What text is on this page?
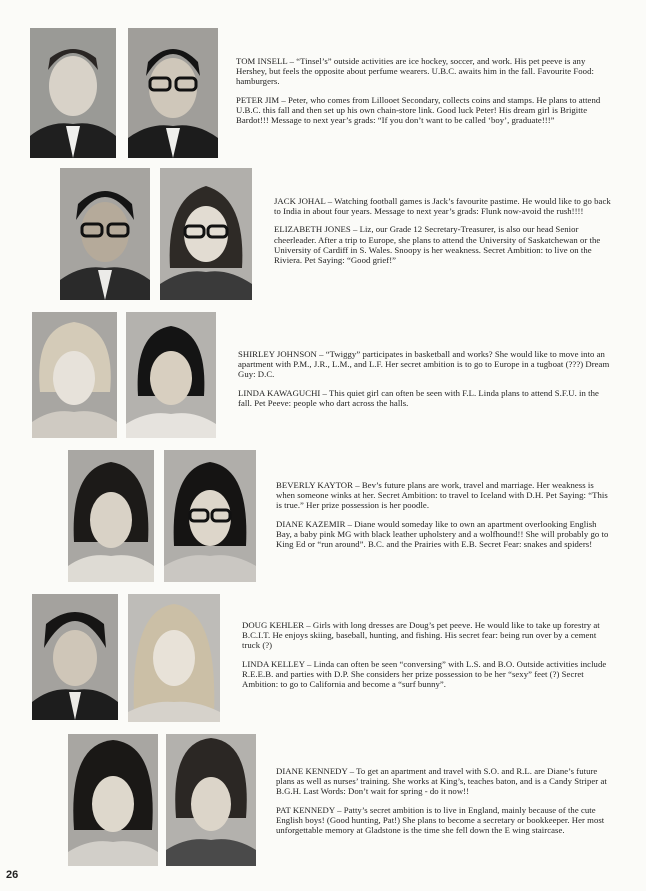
TOM INSELL – “Tinsel’s” outside activities are ice hockey, soccer, and work. His pet peeve is any Hershey, but feels the opposite about perfume wearers. U.B.C. awaits him in the fall. Favourite Food: hamburgers.

PETER JIM – Peter, who comes from Lillooet Secondary, collects coins and stamps. He plans to attend U.B.C. this fall and then set up his own chain-store link. Good luck Peter! His dream girl is Brigitte Bardot!!! Message to next year’s grads: “If you don’t want to be called ‘boy’, graduate!!!”

JACK JOHAL – Watching football games is Jack’s favourite pastime. He would like to go back to India in about four years. Message to next year’s grads: Flunk now-avoid the rush!!!!

ELIZABETH JONES – Liz, our Grade 12 Secretary-Treasurer, is also our head Senior cheerleader. After a trip to Europe, she plans to attend the University of Saskatchewan or the University of Cardiff in S. Wales. Snoopy is her weakness. Secret Ambition: to live on the Riviera. Pet Saying: “Good grief!”

SHIRLEY JOHNSON – “Twiggy” participates in basketball and works? She would like to move into an apartment with P.M., J.R., L.M., and L.F. Her secret ambition is to go to Europe in a tugboat (???) Dream Guy: D.C.

LINDA KAWAGUCHI – This quiet girl can often be seen with F.L. Linda plans to attend S.F.U. in the fall. Pet Peeve: people who dart across the halls.

BEVERLY KAYTOR – Bev’s future plans are work, travel and marriage. Her weakness is when someone winks at her. Secret Ambition: to travel to Iceland with D.H. Pet Saying: “This is true.” Her prize possession is her poodle.

DIANE KAZEMIR – Diane would someday like to own an apartment overlooking English Bay, a baby pink MG with black leather upholstery and a wolfhound!! She will probably go to King Ed or “run around”. B.C. and the Prairies with E.B. Secret Fear: snakes and spiders!

DOUG KEHLER – Girls with long dresses are Doug’s pet peeve. He would like to take up forestry at B.C.I.T. He enjoys skiing, baseball, hunting, and fishing. His secret fear: being run over by a cement truck (?)

LINDA KELLEY – Linda can often be seen “conversing” with L.S. and B.O. Outside activities include R.E.E.B. and parties with D.P. She considers her prize possession to be her “sexy” feet (?) Secret Ambition: to go to California and become a “surf bunny”.

DIANE KENNEDY – To get an apartment and travel with S.O. and R.L. are Diane’s future plans as well as nurses’ training. She works at King’s, teaches baton, and is a Candy Striper at B.G.H. Last Words: Don’t wait for spring - do it now!!

PAT KENNEDY – Patty’s secret ambition is to live in England, mainly because of the cute English boys! (Good hunting, Pat!) She plans to become a secretary or bookkeeper. Her most unforgettable memory at Gladstone is the time she fell down the E wing staircase.

26
